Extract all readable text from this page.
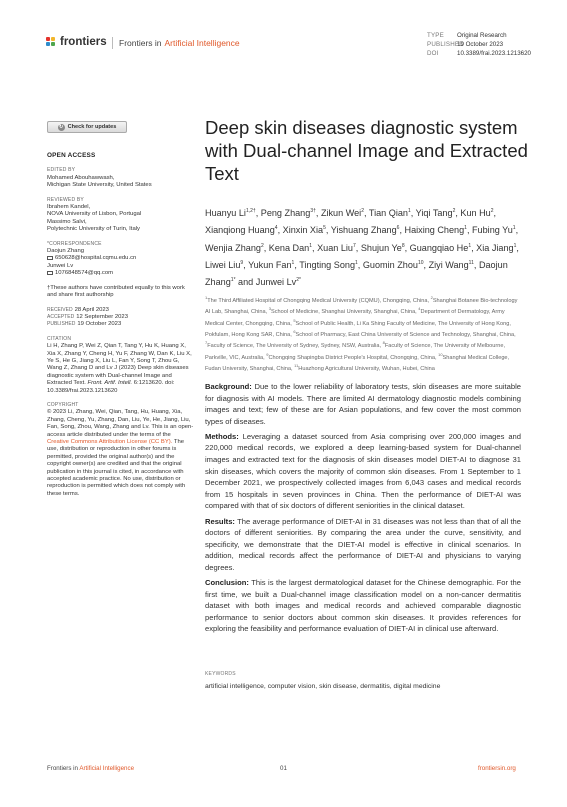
frontiers Frontiers in Artificial Intelligence
TYPE Original Research
PUBLISHED19 October 2023
DOI	10.3389/frai.2023.1213620
↻ Check for updates
OPEN ACCESS
EDITED BY
Mohamed Abouhawwash,
Michigan State University, United States
REVIEWED BY
Ibrahem Kandel,
NOVA University of Lisbon, Portugal
Massimo Salvi,
Polytechnic University of Turin, Italy
*CORRESPONDENCE
Daojun Zhang
650628@hospital.cqmu.edu.cn
Junwei Lv
1076848574@qq.com
†These authors have contributed equally to this work and share first authorship
RECEIVED 28 April 2023
ACCEPTED 12 September 2023
PUBLISHED 19 October 2023
CITATION
Li H, Zhang P, Wei Z, Qian T, Tang Y, Hu K, Huang X, Xia X, Zhang Y, Cheng H, Yu F, Zhang W, Dan K, Liu X, Ye S, He G, Jiang X, Liu L, Fan Y, Song T, Zhou G, Wang Z, Zhang D and Lv J (2023) Deep skin diseases diagnostic system with Dual-channel Image and Extracted Text. Front. Artif. Intell. 6:1213620. doi: 10.3389/frai.2023.1213620
COPYRIGHT
© 2023 Li, Zhang, Wei, Qian, Tang, Hu, Huang, Xia, Zhang, Cheng, Yu, Zhang, Dan, Liu, Ye, He, Jiang, Liu, Fan, Song, Zhou, Wang, Zhang and Lv. This is an open-access article distributed under the terms of the Creative Commons Attribution License (CC BY). The use, distribution or reproduction in other forums is permitted, provided the original author(s) and the copyright owner(s) are credited and that the original publication in this journal is cited, in accordance with accepted academic practice. No use, distribution or reproduction is permitted which does not comply with these terms.
Deep skin diseases diagnostic system with Dual-channel Image and Extracted Text
Huanyu $Li^{1,2\dagger}$, Peng Zhang$^{3\dagger}$, Zikun Wei$^2$, Tian Qian$^1$, Yiqi Tang$^2$, Kun Hu$^2$, Xianqiong Huang$^4$, Xinxin Xia$^5$, Yishuang Zhang$^6$, Haixing Cheng$^1$, Fubing Yu$^1$, Wenjia Zhang$^2$, Kena Dan$^1$, Xuan Liu$^7$, Shujun Ye$^8$, Guangqiao He$^1$, Xia Jiang$^1$, Liwei Liu$^9$, Yukun Fan$^1$, Tingting Song$^1$, Guomin Zhou$^{10}$, Ziyi Wang$^{11}$, Daojun Zhang$^{1*}$ and Junwei $Lv^{2*}$
$^1$The Third Affiliated Hospital of Chongqing Medical University (CQMU), Chongqing, China, $^2$Shanghai Botanee Bio-technology AI Lab, Shanghai, China, $^3$School of Medicine, Shanghai University, Shanghai, China, $^4$Department of Dermatology, Army Medical Center, Chongqing, China, $^5$School of Public Health, Li Ka Shing Faculty of Medicine, The University of Hong Kong, Pokfulam, Hong Kong SAR, China, $^6$School of Pharmacy, East China University of Science and Technology, Shanghai, China, $^7$Faculty of Science, The University of Sydney, Sydney, NSW, Australia, $^8$Faculty of Science, The University of Melbourne, Parkville, VIC, Australia, $^9$Chongqing Shapingba District People's Hospital, Chongqing, China, $^{10}$Shanghai Medical College, Fudan University, Shanghai, China, $^{11}$Huazhong Agricultural University, Wuhan, Hubei, China

Background: Due to the lower reliability of laboratory tests, skin diseases are more suitable for diagnosis with AI models. There are limited AI dermatology diagnostic models combining images and text; few of these are for Asian populations, and few cover the most common types of diseases.

Methods: Leveraging a dataset sourced from Asia comprising over 200,000 images and 220,000 medical records, we explored a deep learning-based system for Dual-channel images and extracted text for the diagnosis of skin diseases model DIET-AI to diagnose 31 skin diseases, which covers the majority of common skin diseases. From 1 September to 1 December 2021, we prospectively collected images from 6,043 cases and medical records from 15 hospitals in seven provinces in China. Then the performance of DIET-AI was compared with that of six doctors of different seniorities in the clinical dataset.

Results: The average performance of DIET-AI in 31 diseases was not less than that of all the doctors of different seniorities. By comparing the area under the curve, sensitivity, and specificity, we demonstrate that the DIET-AI model is effective in clinical scenarios. In addition, medical records affect the performance of DIET-AI and physicians to varying degrees.

Conclusion: This is the largest dermatological dataset for the Chinese demographic. For the first time, we built a Dual-channel image classification model on a non-cancer dermatitis dataset with both images and medical records and achieved comparable diagnostic performance to senior doctors about common skin diseases. It provides references for exploring the feasibility and performance evaluation of DIET-AI in clinical use afterward.

KEYWORDS
artificial intelligence, computer vision, skin disease, dermatitis, digital medicine
Frontiers in Artificial Intelligence	01	frontiersin.org
